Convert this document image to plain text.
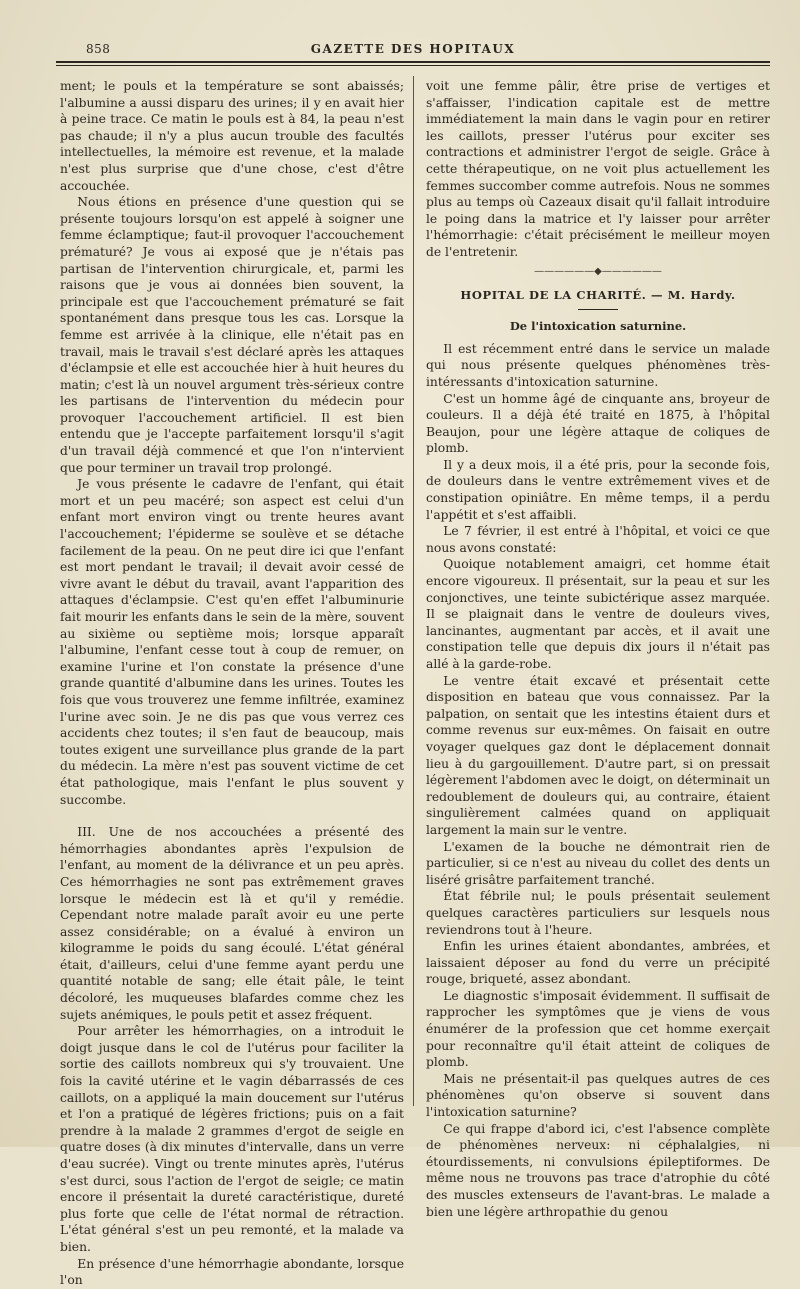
858	GAZETTE DES HOPITAUX

ment; le pouls et la température se sont abaissés; l'albumine a aussi disparu des urines; il y en avait hier à peine trace. Ce matin le pouls est à 84, la peau n'est pas chaude; il n'y a plus aucun trouble des facultés intellectuelles, la mémoire est revenue, et la malade n'est plus surprise que d'une chose, c'est d'être accouchée.

Nous étions en présence d'une question qui se présente toujours lorsqu'on est appelé à soigner une femme éclamptique; faut-il provoquer l'accouchement prématuré? Je vous ai exposé que je n'étais pas partisan de l'intervention chirurgicale, et, parmi les raisons que je vous ai données bien souvent, la principale est que l'accouchement prématuré se fait spontanément dans presque tous les cas. Lorsque la femme est arrivée à la clinique, elle n'était pas en travail, mais le travail s'est déclaré après les attaques d'éclampsie et elle est accouchée hier à huit heures du matin; c'est là un nouvel argument très-sérieux contre les partisans de l'intervention du médecin pour provoquer l'accouchement artificiel. Il est bien entendu que je l'accepte parfaitement lorsqu'il s'agit d'un travail déjà commencé et que l'on n'intervient que pour terminer un travail trop prolongé.

Je vous présente le cadavre de l'enfant, qui était mort et un peu macéré; son aspect est celui d'un enfant mort environ vingt ou trente heures avant l'accouchement; l'épiderme se soulève et se détache facilement de la peau. On ne peut dire ici que l'enfant est mort pendant le travail; il devait avoir cessé de vivre avant le début du travail, avant l'apparition des attaques d'éclampsie. C'est qu'en effet l'albuminurie fait mourir les enfants dans le sein de la mère, souvent au sixième ou septième mois; lorsque apparaît l'albumine, l'enfant cesse tout à coup de remuer, on examine l'urine et l'on constate la présence d'une grande quantité d'albumine dans les urines. Toutes les fois que vous trouverez une femme infiltrée, examinez l'urine avec soin. Je ne dis pas que vous verrez ces accidents chez toutes; il s'en faut de beaucoup, mais toutes exigent une surveillance plus grande de la part du médecin. La mère n'est pas souvent victime de cet état pathologique, mais l'enfant le plus souvent y succombe.

III. Une de nos accouchées a présenté des hémorrhagies abondantes après l'expulsion de l'enfant, au moment de la délivrance et un peu après. Ces hémorrhagies ne sont pas extrêmement graves lorsque le médecin est là et qu'il y remédie. Cependant notre malade paraît avoir eu une perte assez considérable; on a évalué à environ un kilogramme le poids du sang écoulé. L'état général était, d'ailleurs, celui d'une femme ayant perdu une quantité notable de sang; elle était pâle, le teint décoloré, les muqueuses blafardes comme chez les sujets anémiques, le pouls petit et assez fréquent.

Pour arrêter les hémorrhagies, on a introduit le doigt jusque dans le col de l'utérus pour faciliter la sortie des caillots nombreux qui s'y trouvaient. Une fois la cavité utérine et le vagin débarrassés de ces caillots, on a appliqué la main doucement sur l'utérus et l'on a pratiqué de légères frictions; puis on a fait prendre à la malade 2 grammes d'ergot de seigle en quatre doses (à dix minutes d'intervalle, dans un verre d'eau sucrée). Vingt ou trente minutes après, l'utérus s'est durci, sous l'action de l'ergot de seigle; ce matin encore il présentait la dureté caractéristique, dureté plus forte que celle de l'état normal de rétraction. L'état général s'est un peu remonté, et la malade va bien.

En présence d'une hémorrhagie abondante, lorsque l'on

voit une femme pâlir, être prise de vertiges et s'affaisser, l'indication capitale est de mettre immédiatement la main dans le vagin pour en retirer les caillots, presser l'utérus pour exciter ses contractions et administrer l'ergot de seigle. Grâce à cette thérapeutique, on ne voit plus actuellement les femmes succomber comme autrefois. Nous ne sommes plus au temps où Cazeaux disait qu'il fallait introduire le poing dans la matrice et l'y laisser pour arrêter l'hémorrhagie: c'était précisément le meilleur moyen de l'entretenir.

——————◆——————
HOPITAL DE LA CHARITÉ. — M. Hardy.
De l'intoxication saturnine.

Il est récemment entré dans le service un malade qui nous présente quelques phénomènes très-intéressants d'intoxication saturnine.

C'est un homme âgé de cinquante ans, broyeur de couleurs. Il a déjà été traité en 1875, à l'hôpital Beaujon, pour une légère attaque de coliques de plomb.

Il y a deux mois, il a été pris, pour la seconde fois, de douleurs dans le ventre extrêmement vives et de constipation opiniâtre. En même temps, il a perdu l'appétit et s'est affaibli.

Le 7 février, il est entré à l'hôpital, et voici ce que nous avons constaté:

Quoique notablement amaigri, cet homme était encore vigoureux. Il présentait, sur la peau et sur les conjonctives, une teinte subictérique assez marquée. Il se plaignait dans le ventre de douleurs vives, lancinantes, augmentant par accès, et il avait une constipation telle que depuis dix jours il n'était pas allé à la garde-robe.

Le ventre était excavé et présentait cette disposition en bateau que vous connaissez. Par la palpation, on sentait que les intestins étaient durs et comme revenus sur eux-mêmes. On faisait en outre voyager quelques gaz dont le déplacement donnait lieu à du gargouillement. D'autre part, si on pressait légèrement l'abdomen avec le doigt, on déterminait un redoublement de douleurs qui, au contraire, étaient singulièrement calmées quand on appliquait largement la main sur le ventre.

L'examen de la bouche ne démontrait rien de particulier, si ce n'est au niveau du collet des dents un liséré grisâtre parfaitement tranché.

État fébrile nul; le pouls présentait seulement quelques caractères particuliers sur lesquels nous reviendrons tout à l'heure.

Enfin les urines étaient abondantes, ambrées, et laissaient déposer au fond du verre un précipité rouge, briqueté, assez abondant.

Le diagnostic s'imposait évidemment. Il suffisait de rapprocher les symptômes que je viens de vous énumérer de la profession que cet homme exerçait pour reconnaître qu'il était atteint de coliques de plomb.

Mais ne présentait-il pas quelques autres de ces phénomènes qu'on observe si souvent dans l'intoxication saturnine?

Ce qui frappe d'abord ici, c'est l'absence complète de phénomènes nerveux: ni céphalalgies, ni étourdissements, ni convulsions épileptiformes. De même nous ne trouvons pas trace d'atrophie du côté des muscles extenseurs de l'avant-bras. Le malade a bien une légère arthropathie du genou
